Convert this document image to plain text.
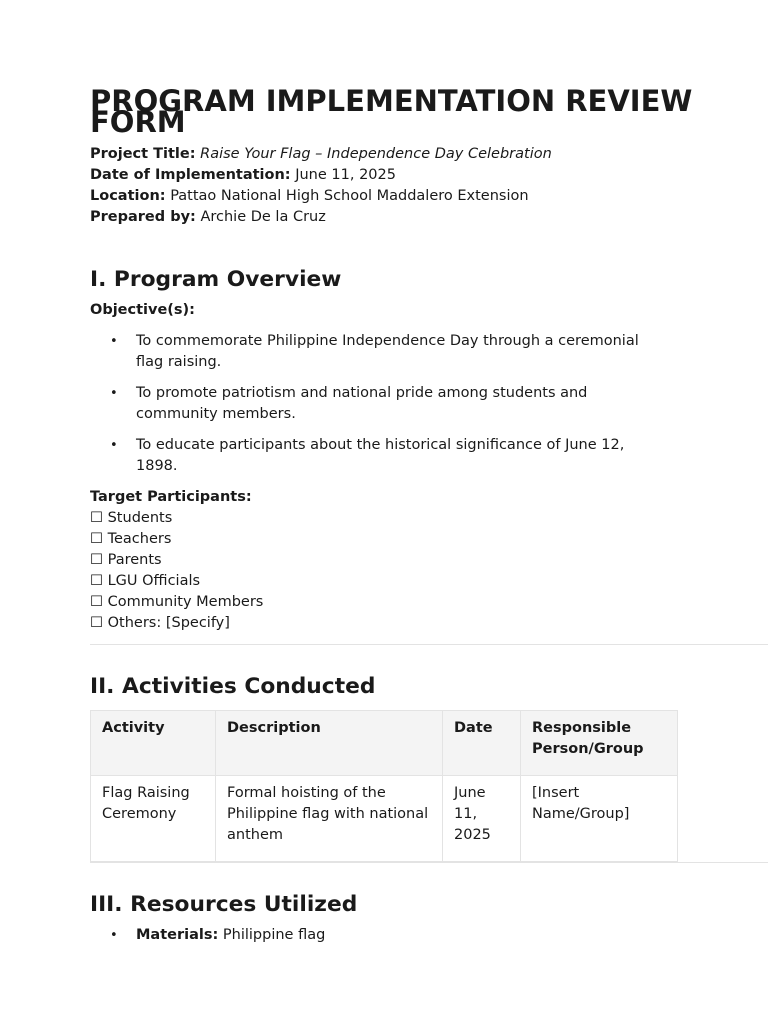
PROGRAM IMPLEMENTATION REVIEW FORM
Project Title: Raise Your Flag – Independence Day Celebration
Date of Implementation: June 11, 2025
Location: Pattao National High School Maddalero Extension
Prepared by: Archie De la Cruz
I. Program Overview
Objective(s):
• To commemorate Philippine Independence Day through a ceremonial flag raising.
• To promote patriotism and national pride among students and community members.
• To educate participants about the historical significance of June 12, 1898.
Target Participants:
☐ Students
☐ Teachers
☐ Parents
☐ LGU Officials
☐ Community Members
☐ Others: [Specify]
II. Activities Conducted
Activity	Description	Date	Responsible Person/Group
Flag Raising Ceremony	Formal hoisting of the Philippine flag with national anthem	June 11, 2025	[Insert Name/Group]
III. Resources Utilized
• Materials: Philippine flag
